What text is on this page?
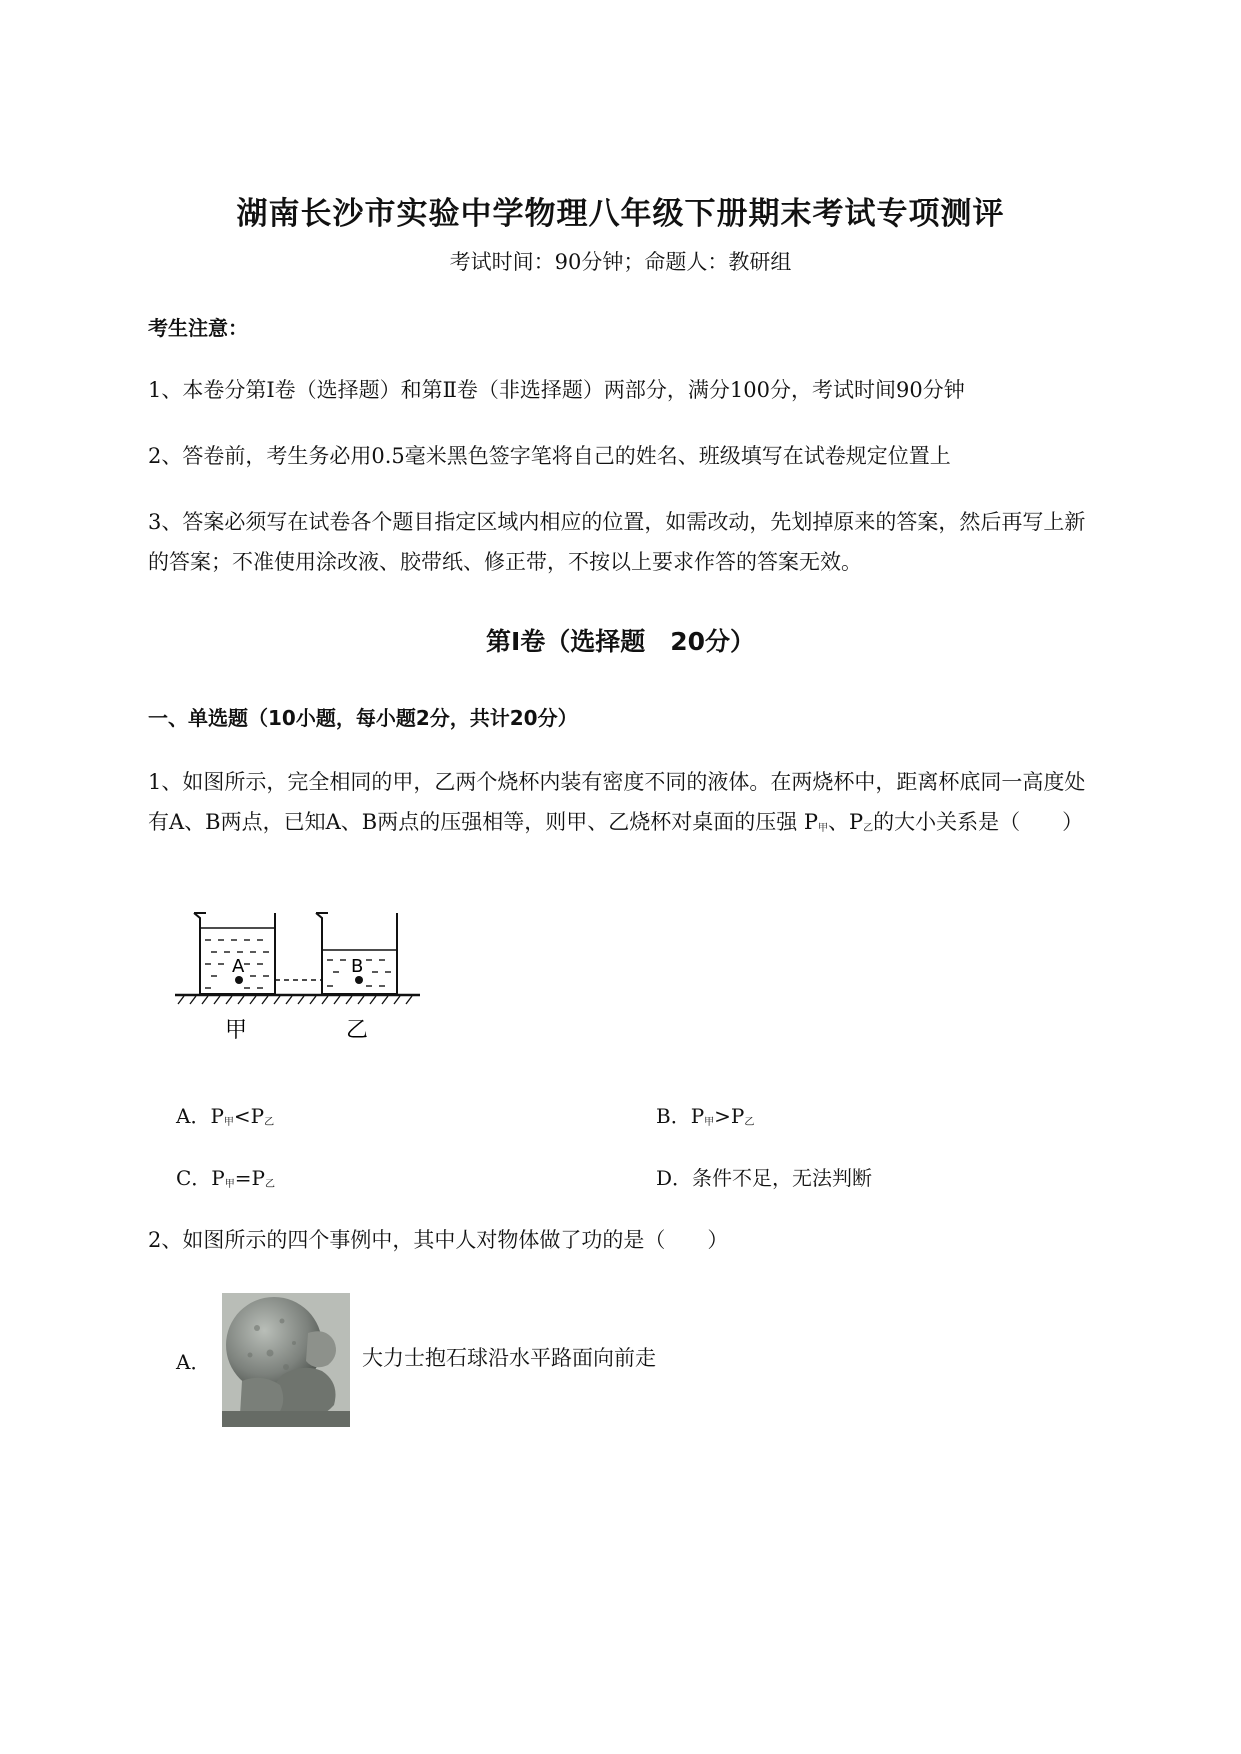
湖南长沙市实验中学物理八年级下册期末考试专项测评
考试时间：90分钟；命题人：教研组
考生注意：
1、本卷分第I卷（选择题）和第Ⅱ卷（非选择题）两部分，满分100分，考试时间90分钟
2、答卷前，考生务必用0.5毫米黑色签字笔将自己的姓名、班级填写在试卷规定位置上
3、答案必须写在试卷各个题目指定区域内相应的位置，如需改动，先划掉原来的答案，然后再写上新
的答案；不准使用涂改液、胶带纸、修正带，不按以上要求作答的答案无效。
第I卷（选择题　20分）
一、单选题（10小题，每小题2分，共计20分）
1、如图所示，完全相同的甲，乙两个烧杯内装有密度不同的液体。在两烧杯中，距离杯底同一高度处
有A、B两点，已知A、B两点的压强相等，则甲、乙烧杯对桌面的压强 $P_甲$、$P_乙$的大小关系是（　　）
A	B
甲	乙
A．$P_甲<P_乙$	B．$P_甲>P_乙$
C．$P_甲=P_乙$	D．条件不足，无法判断
2、如图所示的四个事例中，其中人对物体做了功的是（　　）
A．	大力士抱石球沿水平路面向前走
